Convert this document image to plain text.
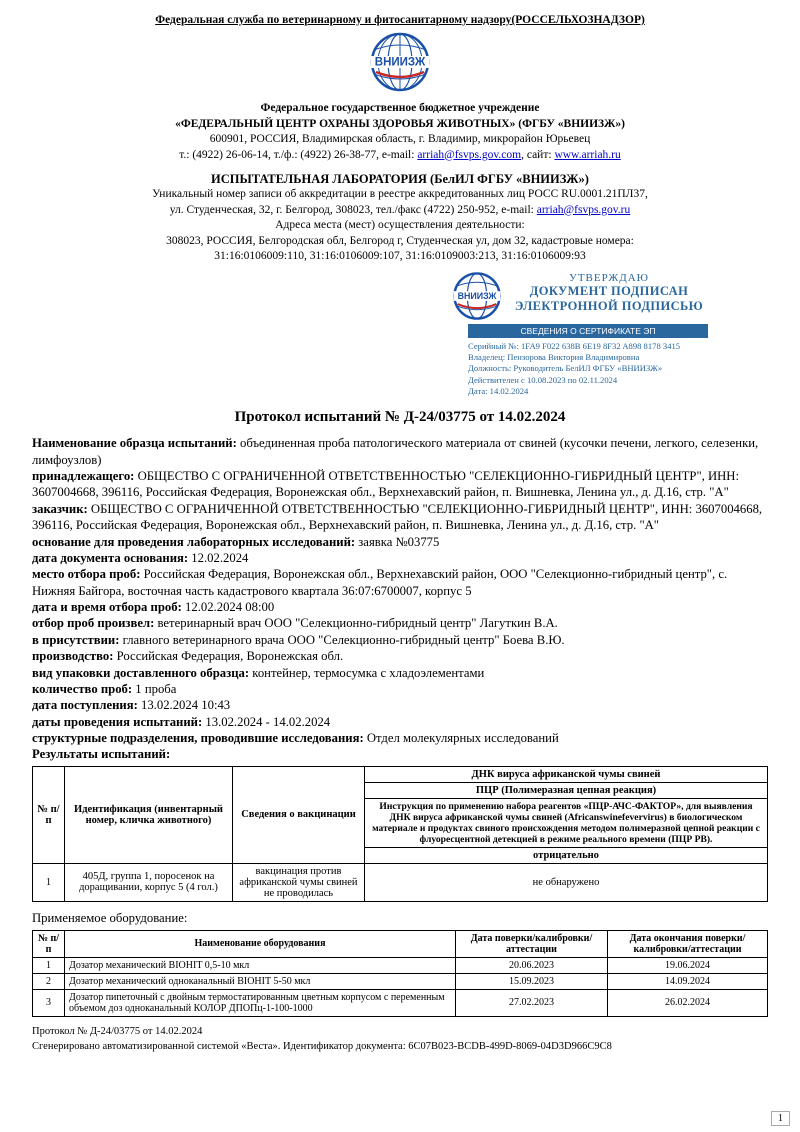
Федеральная служба по ветеринарному и фитосанитарному надзору(РОССЕЛЬХОЗНАДЗОР)
ВНИИЗЖ
Федеральное государственное бюджетное учреждение
«ФЕДЕРАЛЬНЫЙ ЦЕНТР ОХРАНЫ ЗДОРОВЬЯ ЖИВОТНЫХ» (ФГБУ «ВНИИЗЖ»)
600901, РОССИЯ, Владимирская область, г. Владимир, микрорайон Юрьевец
т.: (4922) 26-06-14, т./ф.: (4922) 26-38-77, e-mail: arriah@fsvps.gov.com, сайт: www.arriah.ru
ИСПЫТАТЕЛЬНАЯ ЛАБОРАТОРИЯ (БелИЛ ФГБУ «ВНИИЗЖ»)
Уникальный номер записи об аккредитации в реестре аккредитованных лиц РОСС RU.0001.21ПЛ37,
ул. Студенческая, 32, г. Белгород, 308023, тел./факс (4722) 250-952, e-mail: arriah@fsvps.gov.ru
Адреса места (мест) осуществления деятельности:
308023, РОССИЯ, Белгородская обл, Белгород г, Студенческая ул, дом 32, кадастровые номера:
31:16:0106009:110, 31:16:0106009:107, 31:16:0109003:213, 31:16:0106009:93
ВНИИЗЖ
УТВЕРЖДАЮ
ДОКУМЕНТ ПОДПИСАН
ЭЛЕКТРОННОЙ ПОДПИСЬЮ
СВЕДЕНИЯ О СЕРТИФИКАТЕ ЭП
Серийный №: 1FA9 F022 638B 6E19 8F32 A898 8178 3415
Владелец: Пензорова Виктория Владимировна
Должность: Руководитель БелИЛ ФГБУ «ВНИИЗЖ»
Действителен с 10.08.2023 по 02.11.2024
Дата: 14.02.2024
Протокол испытаний № Д-24/03775 от 14.02.2024

Наименование образца испытаний: объединенная проба патологического материала от свиней (кусочки печени, легкого, селезенки, лимфоузлов)

принадлежащего: ОБЩЕСТВО С ОГРАНИЧЕННОЙ ОТВЕТСТВЕННОСТЬЮ "СЕЛЕКЦИОННО-ГИБРИДНЫЙ ЦЕНТР", ИНН: 3607004668, 396116, Российская Федерация, Воронежская обл., Верхнехавский район, п. Вишневка, Ленина ул., д. Д.16, стр. "А"

заказчик: ОБЩЕСТВО С ОГРАНИЧЕННОЙ ОТВЕТСТВЕННОСТЬЮ "СЕЛЕКЦИОННО-ГИБРИДНЫЙ ЦЕНТР", ИНН: 3607004668, 396116, Российская Федерация, Воронежская обл., Верхнехавский район, п. Вишневка, Ленина ул., д. Д.16, стр. "А"

основание для проведения лабораторных исследований: заявка №03775

дата документа основания: 12.02.2024

место отбора проб: Российская Федерация, Воронежская обл., Верхнехавский район, ООО "Селекционно-гибридный центр", с. Нижняя Байгора, восточная часть кадастрового квартала 36:07:6700007, корпус 5

дата и время отбора проб: 12.02.2024 08:00

отбор проб произвел: ветеринарный врач ООО "Селекционно-гибридный центр" Лагуткин В.А.

в присутствии: главного ветеринарного врача ООО "Селекционно-гибридный центр" Боева В.Ю.

производство: Российская Федерация, Воронежская обл.

вид упаковки доставленного образца: контейнер, термосумка с хладоэлементами

количество проб: 1 проба

дата поступления: 13.02.2024 10:43

даты проведения испытаний: 13.02.2024 - 14.02.2024

структурные подразделения, проводившие исследования: Отдел молекулярных исследований

Результаты испытаний:

№ п/п	Идентификация (инвентарный номер, кличка животного)	Сведения о вакцинации	ДНК вируса африканской чумы свиней
			ПЦР (Полимеразная цепная реакция)
			Инструкция по применению набора реагентов «ПЦР-АЧС-ФАКТОР», для выявления ДНК вируса африканской чумы свиней (Africanswinefevervirus) в биологическом материале и продуктах свиного происхождения методом полимеразной цепной реакции с флуоресцентной детекцией в режиме реального времени (ПЦР РВ).
			отрицательно
1	405Д, группа 1, поросенок на доращивании, корпус 5 (4 гол.)	вакцинация против африканской чумы свиней не проводилась	не обнаружено
Применяемое оборудование:
№ п/п	Наименование оборудования	Дата поверки/калибровки/аттестации	Дата окончания поверки/калибровки/аттестации
1	Дозатор механический BIOHIT 0,5-10 мкл	20.06.2023	19.06.2024
2	Дозатор механический одноканальный BIOHIT 5-50 мкл	15.09.2023	14.09.2024
3	Дозатор пипеточный с двойным термостатированным цветным корпусом с переменным объемом доз одноканальный КОЛОР ДПОПц-1-100-1000	27.02.2023	26.02.2024
Протокол № Д-24/03775 от 14.02.2024
Сгенерировано автоматизированной системой «Веста». Идентификатор документа: 6C07B023-BCDB-499D-8069-04D3D966C9C8
1
